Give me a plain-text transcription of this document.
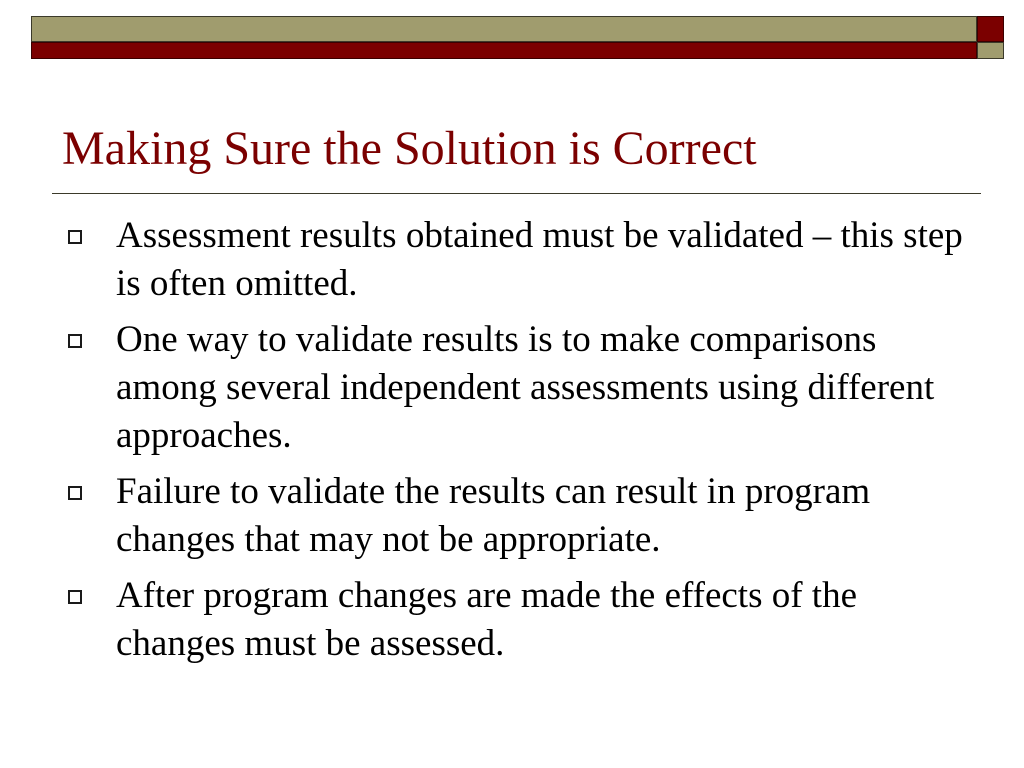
Making Sure the Solution is Correct
Assessment results obtained must be validated – this step is often omitted.
One way to validate results is to make comparisons among several independent assessments using different approaches.
Failure to validate the results can result in program changes that may not be appropriate.
After program changes are made the effects of the changes must be assessed.
